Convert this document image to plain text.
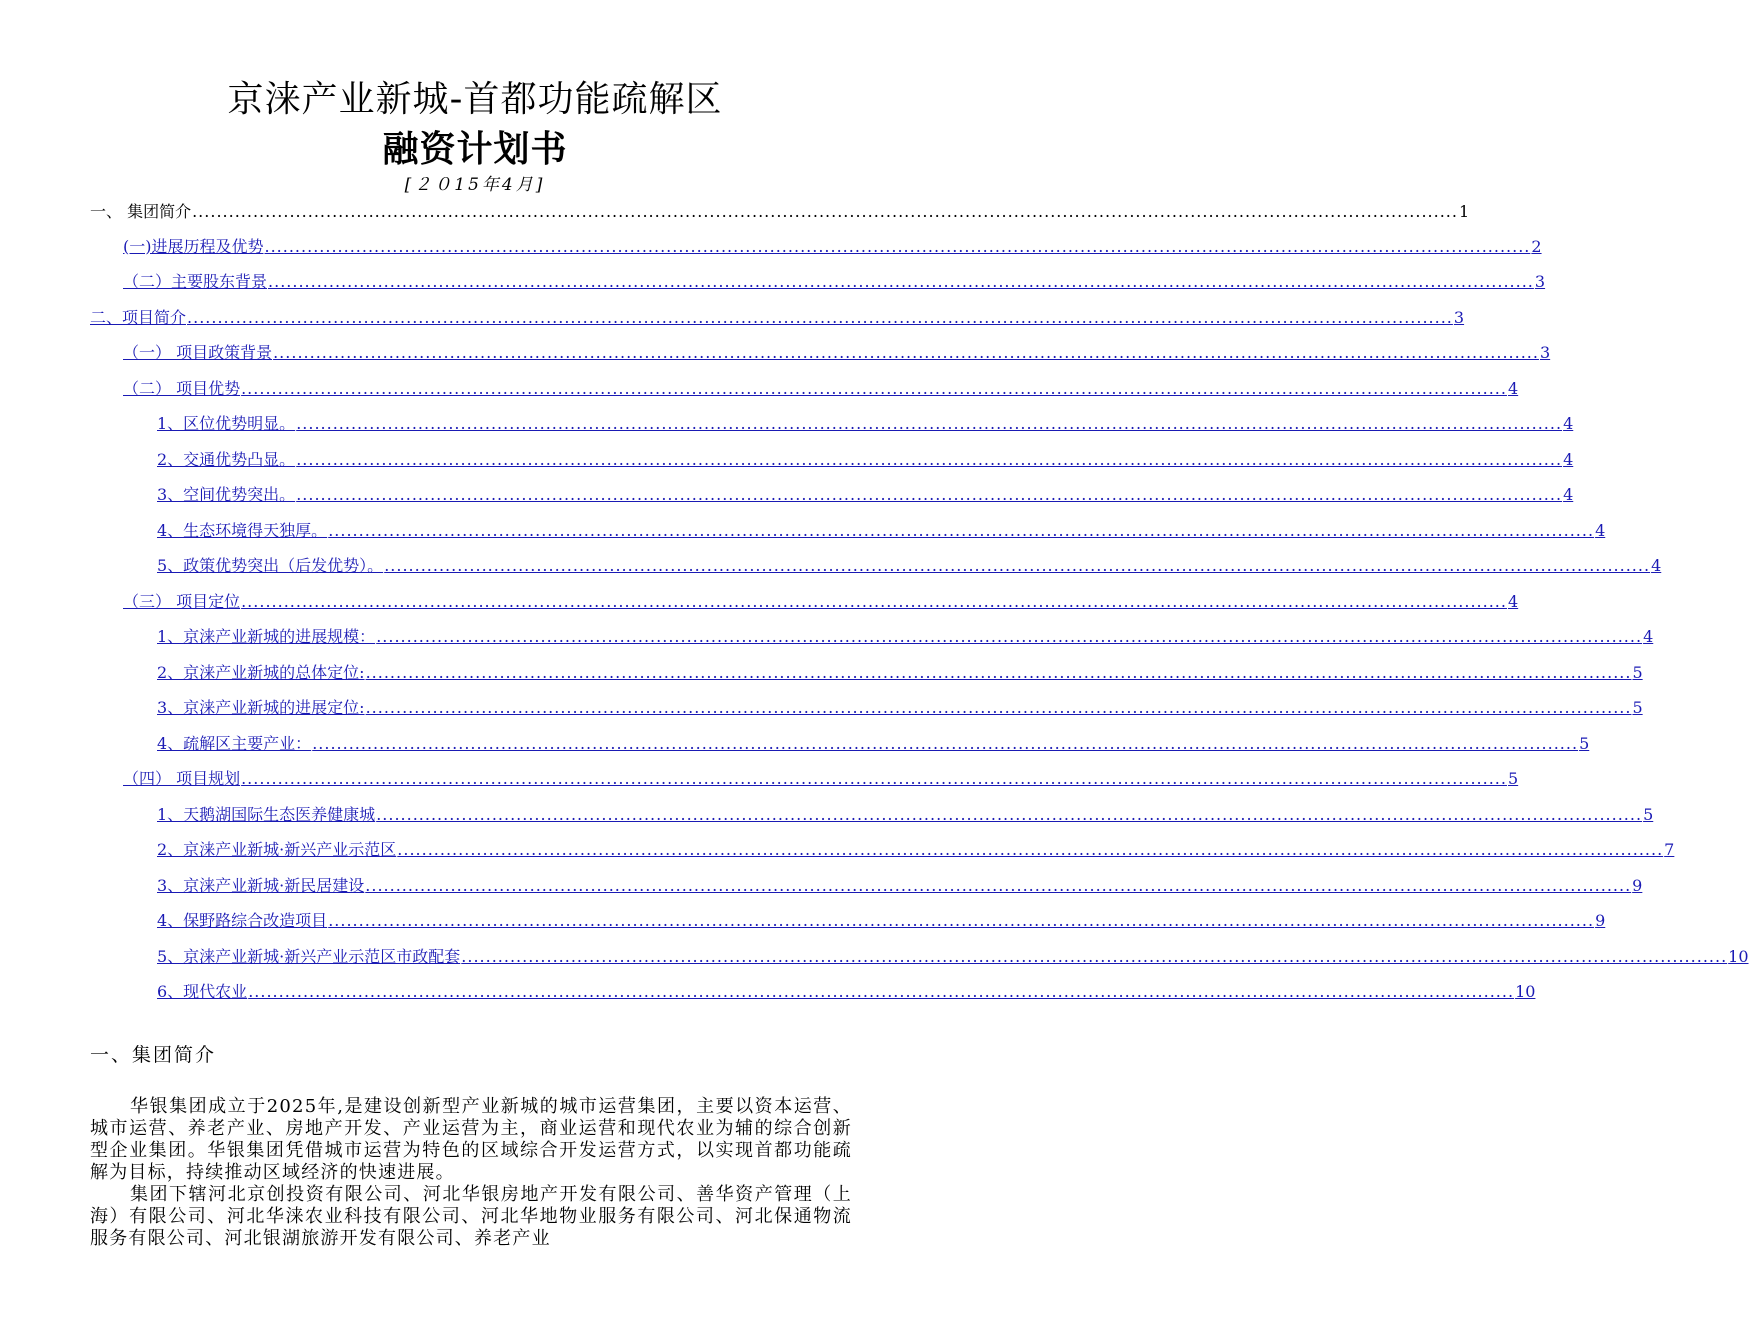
京涞产业新城-首都功能疏解区
融资计划书
[２０15年4月]
一、 集团简介 ................................................................................................................................................................................................................ 1
(一)进展历程及优势 ................................................................................................................................................................................................................ 2
（二）主要股东背景 ................................................................................................................................................................................................................ 3
二、项目简介 ................................................................................................................................................................................................................ 3
（一） 项目政策背景 ................................................................................................................................................................................................................ 3
（二） 项目优势 ................................................................................................................................................................................................................ 4
1、区位优势明显。 ................................................................................................................................................................................................................ 4
2、交通优势凸显。 ................................................................................................................................................................................................................ 4
3、空间优势突出。 ................................................................................................................................................................................................................ 4
4、生态环境得天独厚。 ................................................................................................................................................................................................................ 4
5、政策优势突出（后发优势）。 ................................................................................................................................................................................................................ 4
（三） 项目定位 ................................................................................................................................................................................................................ 4
1、京涞产业新城的进展规模： ................................................................................................................................................................................................................ 4
2、京涞产业新城的总体定位: ................................................................................................................................................................................................................ 5
3、京涞产业新城的进展定位: ................................................................................................................................................................................................................ 5
4、疏解区主要产业： ................................................................................................................................................................................................................ 5
（四） 项目规划 ................................................................................................................................................................................................................ 5
1、天鹅湖国际生态医养健康城 ................................................................................................................................................................................................................ 5
2、京涞产业新城·新兴产业示范区 ................................................................................................................................................................................................................ 7
3、京涞产业新城·新民居建设 ................................................................................................................................................................................................................ 9
4、保野路综合改造项目 ................................................................................................................................................................................................................ 9
5、京涞产业新城·新兴产业示范区市政配套 ................................................................................................................................................................................................................ 10
6、现代农业 ................................................................................................................................................................................................................ 10
一、集团简介

华银集团成立于2025年,是建设创新型产业新城的城市运营集团，主要以资本运营、城市运营、养老产业、房地产开发、产业运营为主，商业运营和现代农业为辅的综合创新型企业集团。华银集团凭借城市运营为特色的区域综合开发运营方式，以实现首都功能疏解为目标，持续推动区域经济的快速进展。

集团下辖河北京创投资有限公司、河北华银房地产开发有限公司、善华资产管理（上海）有限公司、河北华涞农业科技有限公司、河北华地物业服务有限公司、河北保通物流服务有限公司、河北银湖旅游开发有限公司、养老产业
